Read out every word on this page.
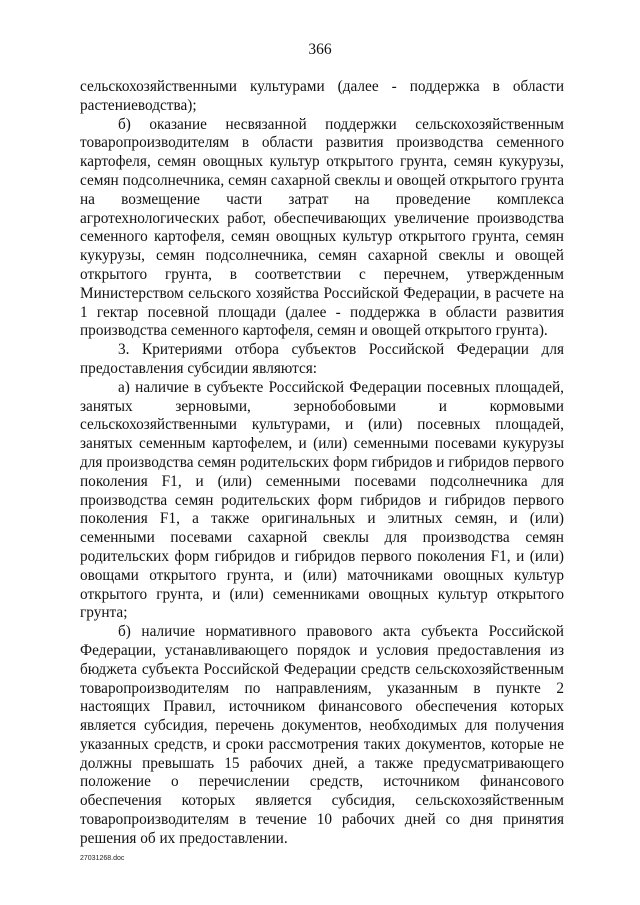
366

сельскохозяйственными культурами (далее - поддержка в области растениеводства);

б) оказание несвязанной поддержки сельскохозяйственным товаропроизводителям в области развития производства семенного картофеля, семян овощных культур открытого грунта, семян кукурузы, семян подсолнечника, семян сахарной свеклы и овощей открытого грунта на возмещение части затрат на проведение комплекса агротехнологических работ, обеспечивающих увеличение производства семенного картофеля, семян овощных культур открытого грунта, семян кукурузы, семян подсолнечника, семян сахарной свеклы и овощей открытого грунта, в соответствии с перечнем, утвержденным Министерством сельского хозяйства Российской Федерации, в расчете на 1 гектар посевной площади (далее - поддержка в области развития производства семенного картофеля, семян и овощей открытого грунта).

3. Критериями отбора субъектов Российской Федерации для предоставления субсидии являются:

а) наличие в субъекте Российской Федерации посевных площадей, занятых зерновыми, зернобобовыми и кормовыми сельскохозяйственными культурами, и (или) посевных площадей, занятых семенным картофелем, и (или) семенными посевами кукурузы для производства семян родительских форм гибридов и гибридов первого поколения F1, и (или) семенными посевами подсолнечника для производства семян родительских форм гибридов и гибридов первого поколения F1, а также оригинальных и элитных семян, и (или) семенными посевами сахарной свеклы для производства семян родительских форм гибридов и гибридов первого поколения F1, и (или) овощами открытого грунта, и (или) маточниками овощных культур открытого грунта, и (или) семенниками овощных культур открытого грунта;

б) наличие нормативного правового акта субъекта Российской Федерации, устанавливающего порядок и условия предоставления из бюджета субъекта Российской Федерации средств сельскохозяйственным товаропроизводителям по направлениям, указанным в пункте 2 настоящих Правил, источником финансового обеспечения которых является субсидия, перечень документов, необходимых для получения указанных средств, и сроки рассмотрения таких документов, которые не должны превышать 15 рабочих дней, а также предусматривающего положение о перечислении средств, источником финансового обеспечения которых является субсидия, сельскохозяйственным товаропроизводителям в течение 10 рабочих дней со дня принятия решения об их предоставлении.

27031268.doc
